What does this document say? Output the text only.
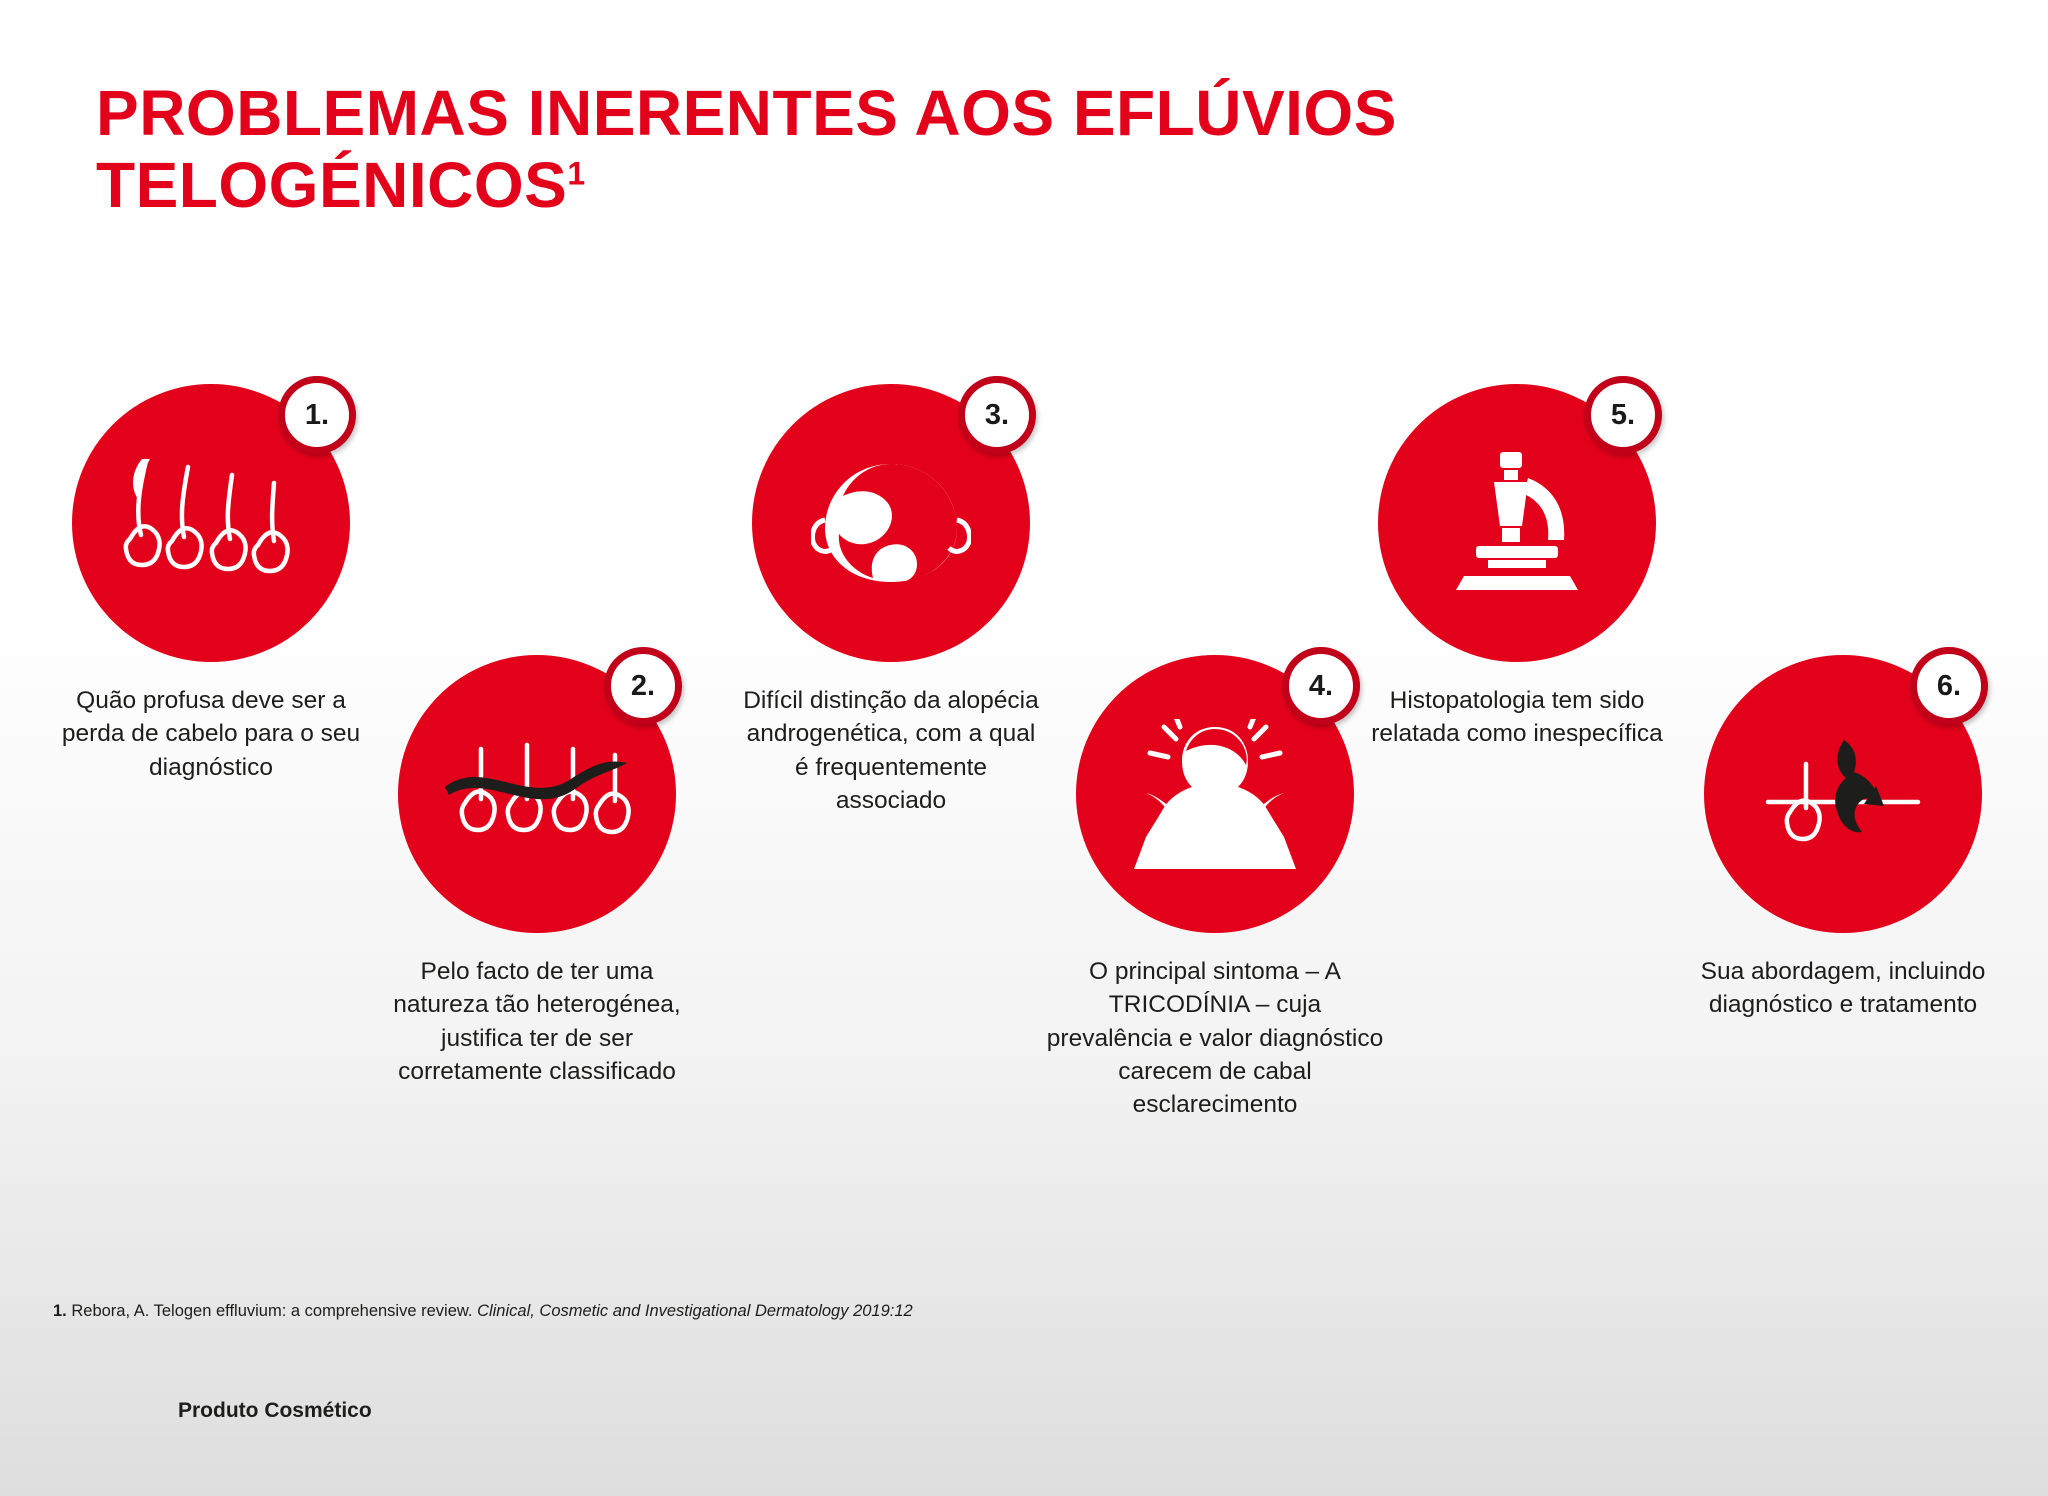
PROBLEMAS INERENTES AOS EFLÚVIOS TELOGÉNICOS$^1$
1.
Quão profusa deve ser a perda de cabelo para o seu diagnóstico
2.
Pelo facto de ter uma natureza tão heterogénea, justifica ter de ser corretamente classificado
3.
Difícil distinção da alopécia androgenética, com a qual é frequentemente associado
4.
O principal sintoma – A TRICODÍNIA – cuja prevalência e valor diagnóstico carecem de cabal esclarecimento
5.
Histopatologia tem sido relatada como inespecífica
6.
Sua abordagem, incluindo diagnóstico e tratamento
1. Rebora, A. Telogen effluvium: a comprehensive review. Clinical, Cosmetic and Investigational Dermatology 2019:12
Produto Cosmético
